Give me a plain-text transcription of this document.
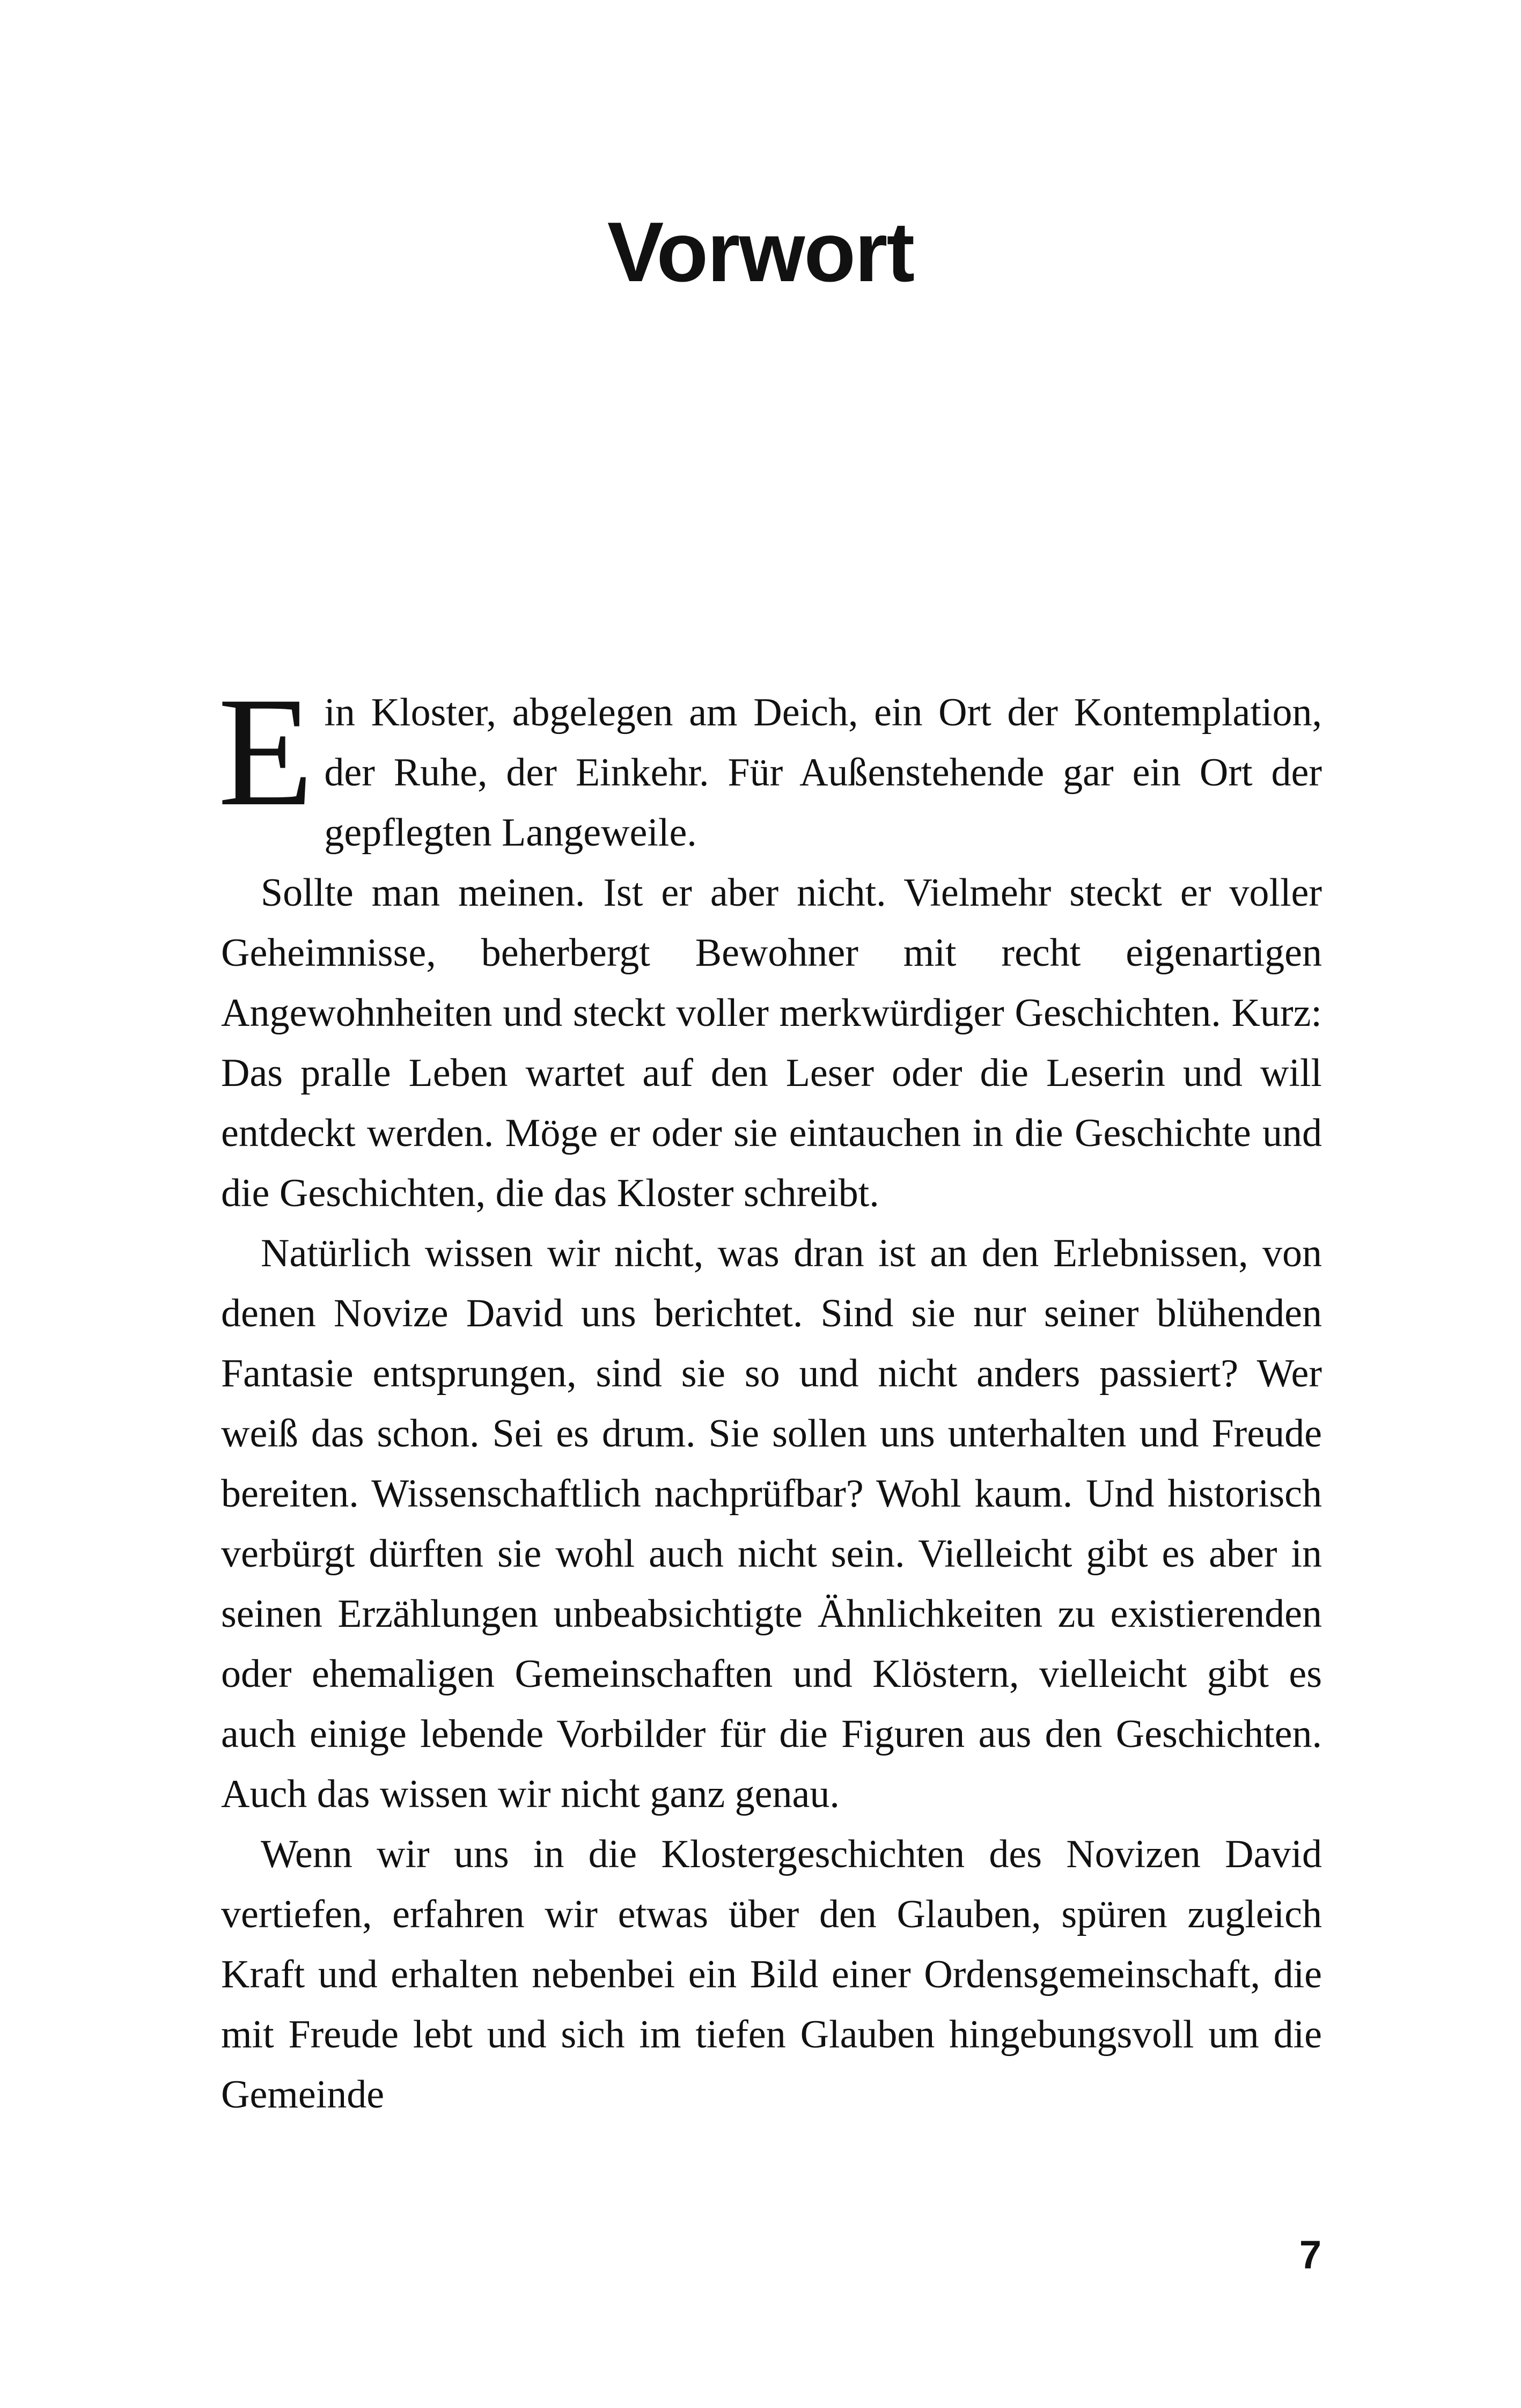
Vorwort

Ein Kloster, abgelegen am Deich, ein Ort der Kontemplation, der Ruhe, der Einkehr. Für Außenstehende gar ein Ort der gepflegten Langeweile.

Sollte man meinen. Ist er aber nicht. Vielmehr steckt er voller Geheimnisse, beherbergt Bewohner mit recht eigenartigen Angewohnheiten und steckt voller merkwürdiger Geschichten. Kurz: Das pralle Leben wartet auf den Leser oder die Leserin und will entdeckt werden. Möge er oder sie eintauchen in die Geschichte und die Geschichten, die das Kloster schreibt.

Natürlich wissen wir nicht, was dran ist an den Erlebnissen, von denen Novize David uns berichtet. Sind sie nur seiner blühenden Fantasie entsprungen, sind sie so und nicht anders passiert? Wer weiß das schon. Sei es drum. Sie sollen uns unterhalten und Freude bereiten. Wissenschaftlich nachprüfbar? Wohl kaum. Und historisch verbürgt dürften sie wohl auch nicht sein. Vielleicht gibt es aber in seinen Erzählungen unbeabsichtigte Ähnlichkeiten zu existierenden oder ehemaligen Gemeinschaften und Klöstern, vielleicht gibt es auch einige lebende Vorbilder für die Figuren aus den Geschichten. Auch das wissen wir nicht ganz genau.

Wenn wir uns in die Klostergeschichten des Novizen David vertiefen, erfahren wir etwas über den Glauben, spüren zugleich Kraft und erhalten nebenbei ein Bild einer Ordensgemeinschaft, die mit Freude lebt und sich im tiefen Glauben hingebungsvoll um die Gemeinde

7
